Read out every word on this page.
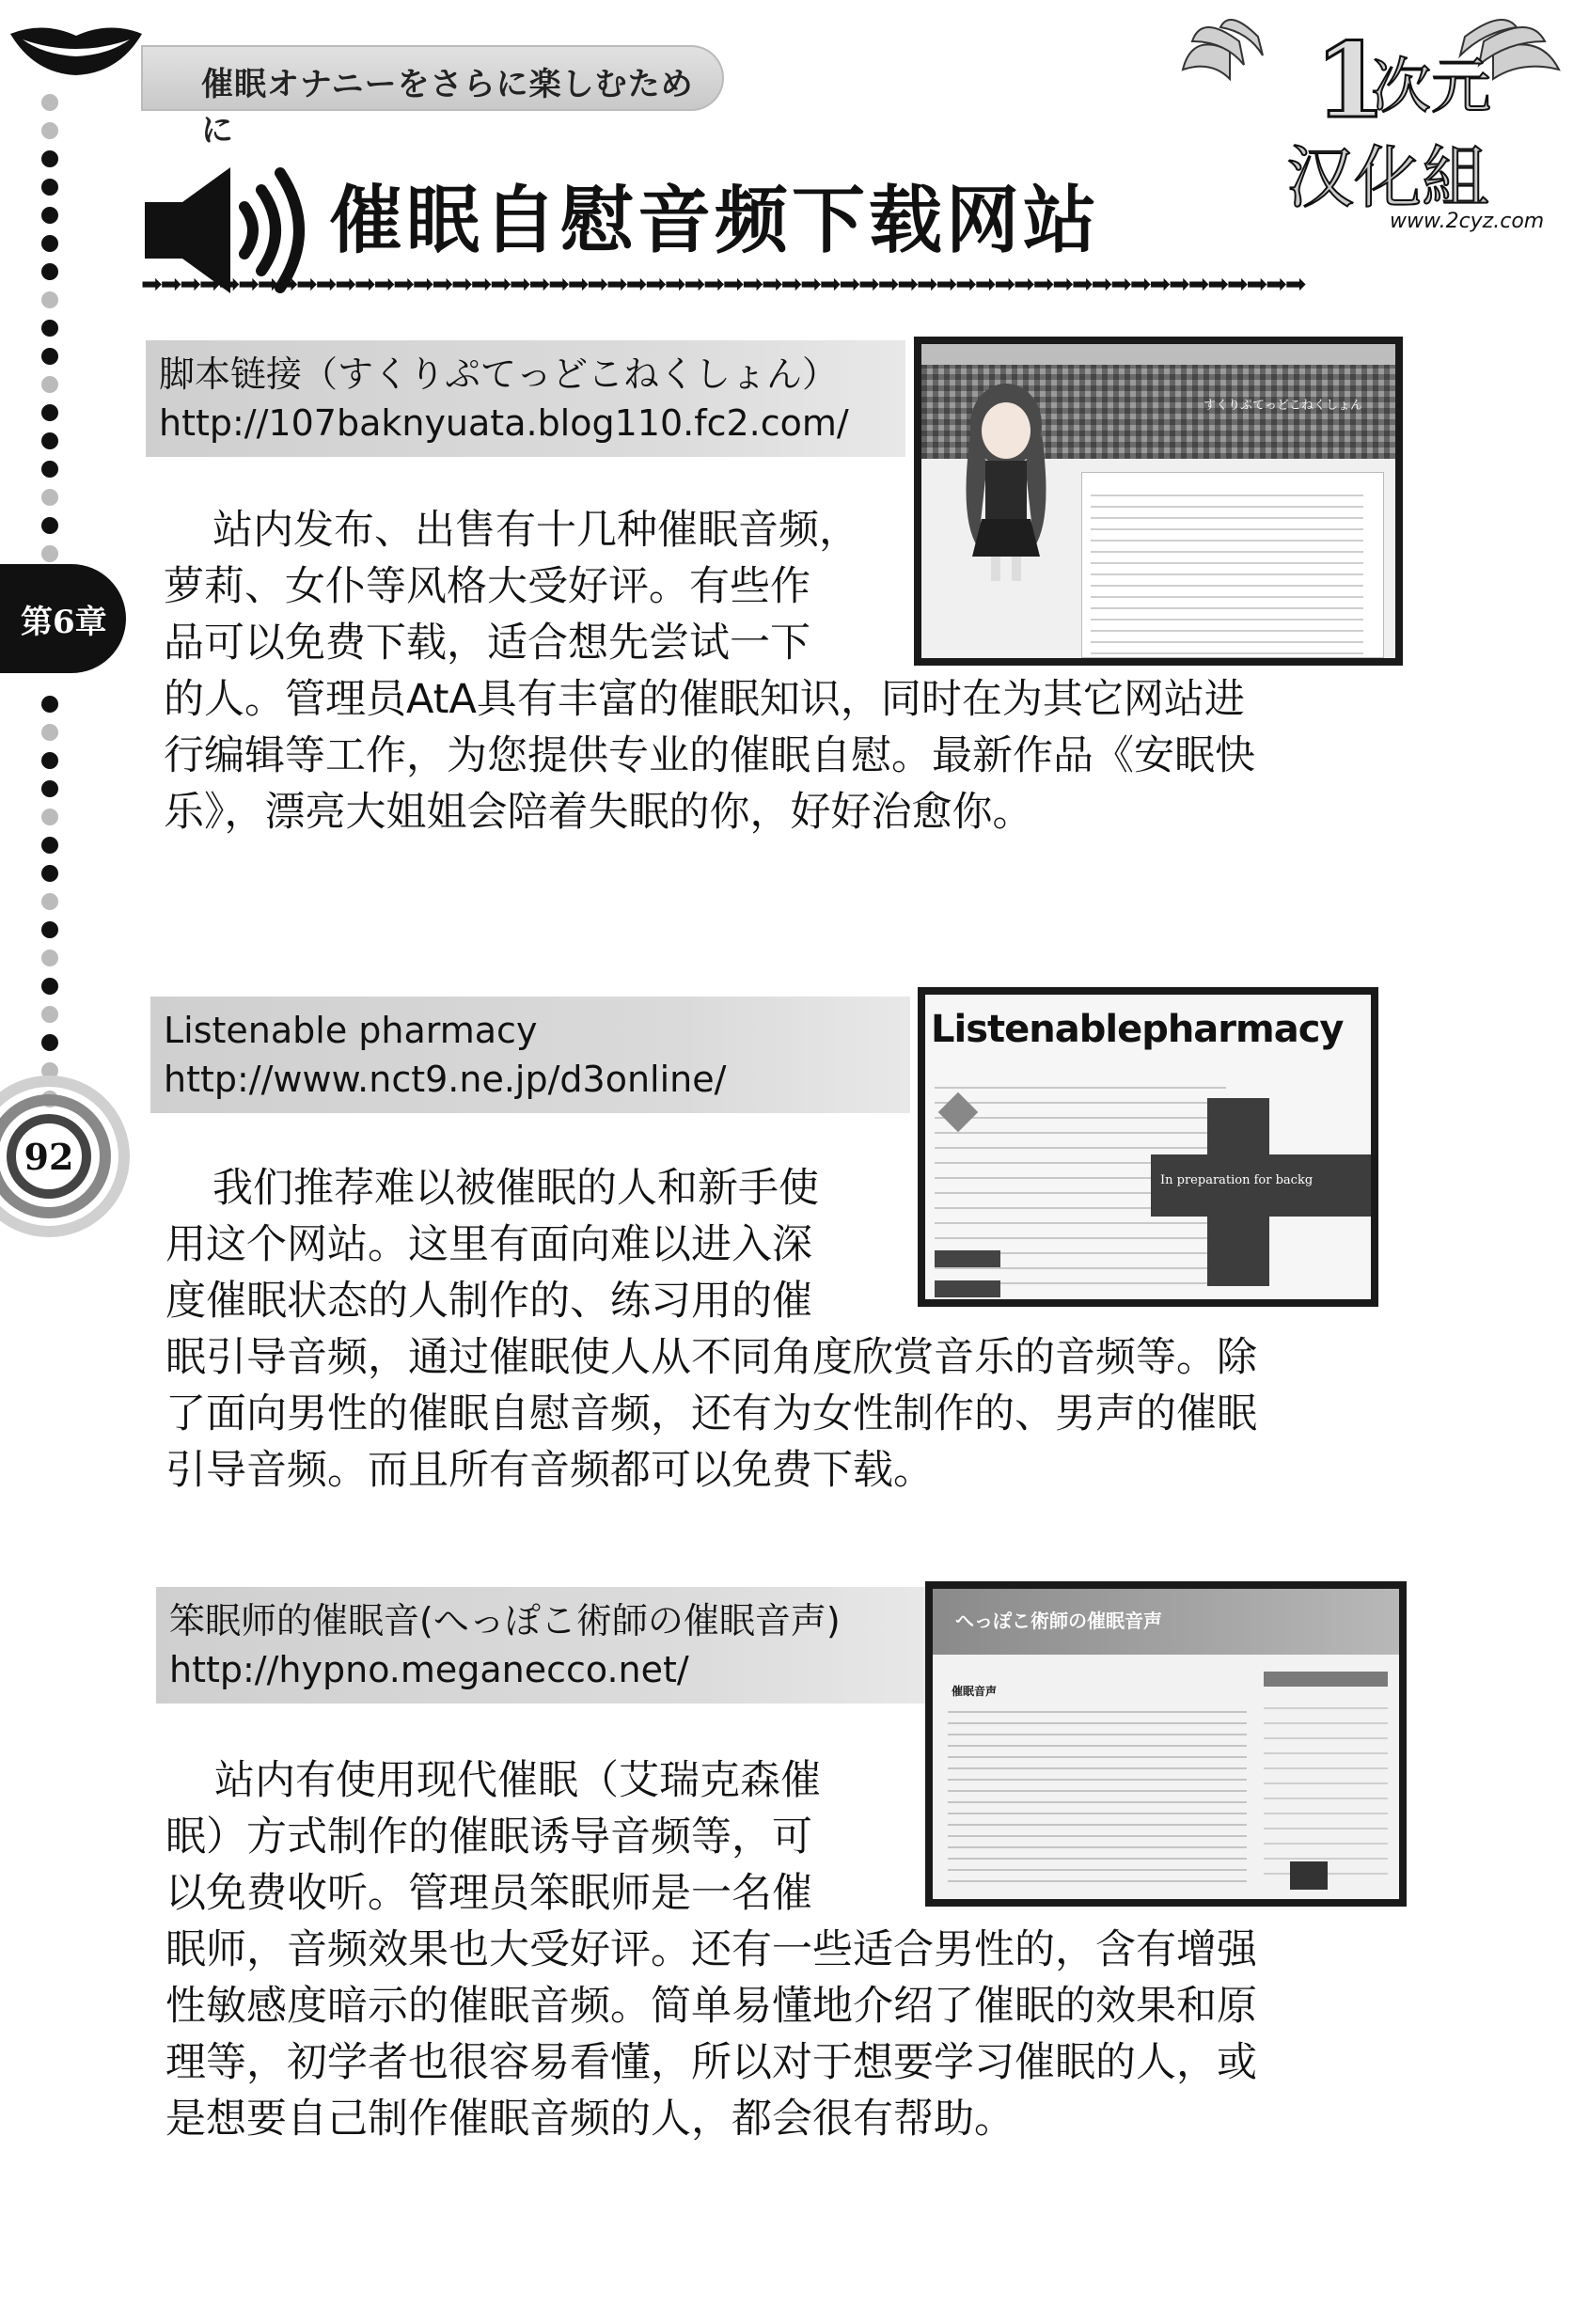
催眠オナニーをさらに楽しむために	1
次元
汉化組
www.2cyz.com
第6章
92
催眠自慰音频下载网站
➡➡➡➡➡➡➡➡➡➡➡➡➡➡➡➡➡➡➡➡➡➡➡➡➡➡➡➡➡➡➡➡➡➡➡➡➡➡➡➡➡➡➡➡➡➡➡➡➡➡➡➡➡➡➡➡➡➡➡➡
脚本链接（すくりぷてっどこねくしょん）
http://107baknyuata.blog110.fc2.com/	すくりぷてっどこねくしょん

站内发布、出售有十几种催眠音频，

萝莉、女仆等风格大受好评。有些作

品可以免费下载，适合想先尝试一下

的人。管理员AtA具有丰富的催眠知识，同时在为其它网站进

行编辑等工作，为您提供专业的催眠自慰。最新作品《安眠快

乐》，漂亮大姐姐会陪着失眠的你，好好治愈你。

Listenable pharmacy
http://www.nct9.ne.jp/d3online/
Listenablepharmacy
In preparation for backg

我们推荐难以被催眠的人和新手使

用这个网站。这里有面向难以进入深

度催眠状态的人制作的、练习用的催

眠引导音频，通过催眠使人从不同角度欣赏音乐的音频等。除

了面向男性的催眠自慰音频，还有为女性制作的、男声的催眠

引导音频。而且所有音频都可以免费下载。

笨眠师的催眠音(へっぽこ術師の催眠音声)
http://hypno.meganecco.net/
へっぽこ術師の催眠音声
催眠音声

站内有使用现代催眠（艾瑞克森催

眠）方式制作的催眠诱导音频等，可

以免费收听。管理员笨眠师是一名催

眠师，音频效果也大受好评。还有一些适合男性的，含有增强

性敏感度暗示的催眠音频。简单易懂地介绍了催眠的效果和原

理等，初学者也很容易看懂，所以对于想要学习催眠的人，或

是想要自己制作催眠音频的人，都会很有帮助。
